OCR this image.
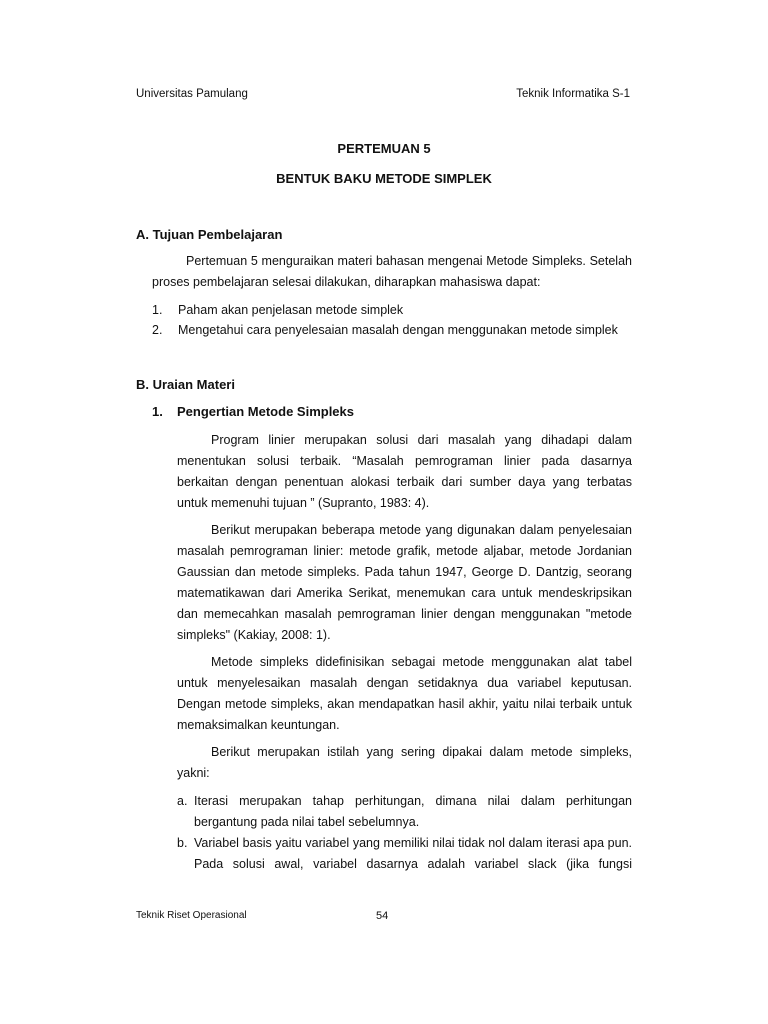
Universitas Pamulang	Teknik Informatika S-1
PERTEMUAN 5
BENTUK BAKU METODE SIMPLEK
A. Tujuan Pembelajaran
Pertemuan 5 menguraikan materi bahasan mengenai Metode Simpleks. Setelah proses pembelajaran selesai dilakukan, diharapkan mahasiswa dapat:
1. Paham akan penjelasan metode simplek
2. Mengetahui cara penyelesaian masalah dengan menggunakan metode simplek
B. Uraian Materi
1. Pengertian Metode Simpleks
Program linier merupakan solusi dari masalah yang dihadapi dalam menentukan solusi terbaik. “Masalah pemrograman linier pada dasarnya berkaitan dengan penentuan alokasi terbaik dari sumber daya yang terbatas untuk memenuhi tujuan ” (Supranto, 1983: 4).
Berikut merupakan beberapa metode yang digunakan dalam penyelesaian masalah pemrograman linier: metode grafik, metode aljabar, metode Jordanian Gaussian dan metode simpleks. Pada tahun 1947, George D. Dantzig, seorang matematikawan dari Amerika Serikat, menemukan cara untuk mendeskripsikan dan memecahkan masalah pemrograman linier dengan menggunakan "metode simpleks" (Kakiay, 2008: 1).
Metode simpleks didefinisikan sebagai metode menggunakan alat tabel untuk menyelesaikan masalah dengan setidaknya dua variabel keputusan. Dengan metode simpleks, akan mendapatkan hasil akhir, yaitu nilai terbaik untuk memaksimalkan keuntungan.
Berikut merupakan istilah yang sering dipakai dalam metode simpleks, yakni:
a. Iterasi merupakan tahap perhitungan, dimana nilai dalam perhitungan bergantung pada nilai tabel sebelumnya.
b. Variabel basis yaitu variabel yang memiliki nilai tidak nol dalam iterasi apa pun. Pada solusi awal, variabel dasarnya adalah variabel slack (jika fungsi
Teknik Riset Operasional	54
